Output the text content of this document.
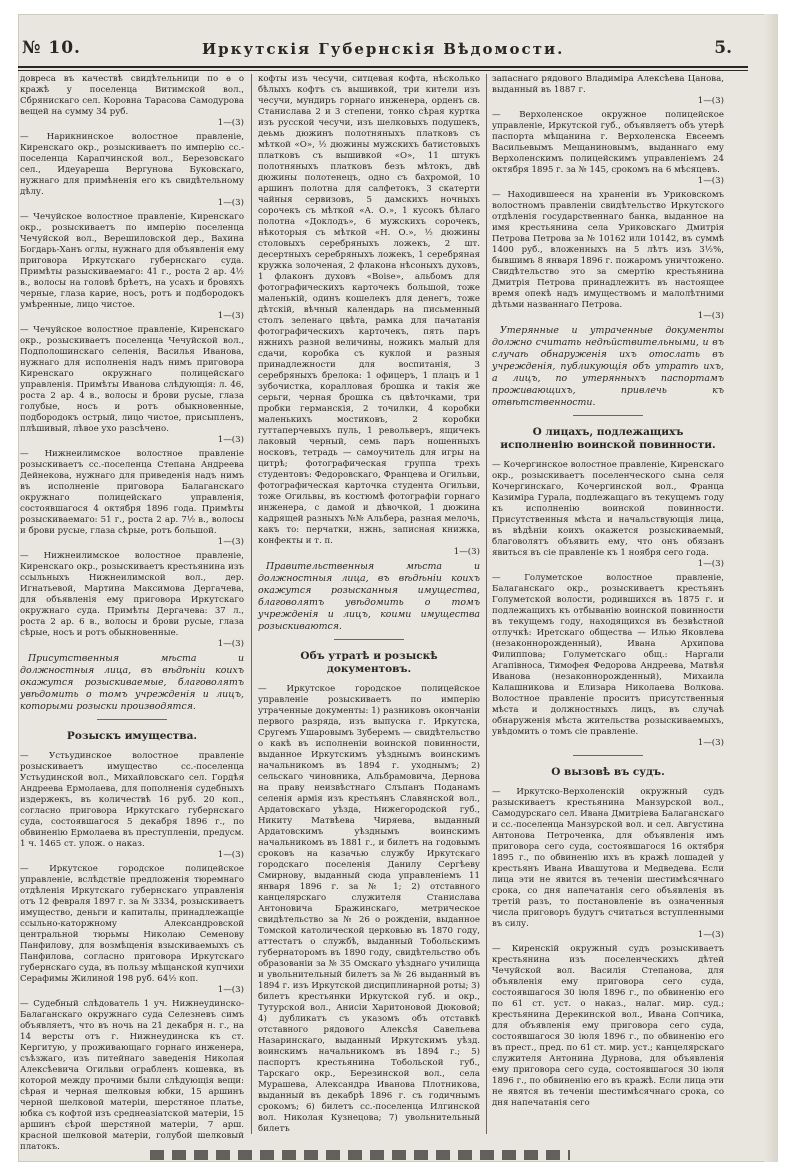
№ 10.	Иркутскія Губернскія Вѣдомости.	5.
довреса въ качествѣ свидѣтельници по ѳ о кражѣ у поселенца Витимской вол., Сбрянискаго сел. Коровна Тарасова Самодурова вещей на сумму 34 руб.
1—(3)
— Нарикнинское волостное правленіе, Киренскаго окр., розыскиваетъ по имперію сс.-поселенца Карапчинской вол., Березовскаго сел., Идеуареша Вергунова Буковскаго, нужнаго для примѣненія его къ свидѣтельному дѣлу.
1—(3)
— Чечуйское волостное правленіе, Киренскаго окр., розыскиваетъ по имперію поселенца Чечуйской вол., Верешиловской дер., Вахина Богдарь-Ханъ оглы, нужнаго для объявленія ему приговора Иркутскаго губернскаго суда. Примѣты разыскиваемаго: 41 г., роста 2 ар. 4½ в., волосы на головѣ брѣетъ, на усахъ и бровяхъ черные, глаза карие, носъ, ротъ и подбородокъ умѣренные, лицо чистое.
1—(3)
— Чечуйское волостное правленіе, Киренскаго окр., розыскиваетъ поселенца Чечуйской вол., Подполошинскаго селенія, Василья Иванова, нужнаго для исполненія надъ нимъ приговора Киренскаго окружнаго полицейскаго управленія. Примѣты Иванова слѣдующія: л. 46, роста 2 ар. 4 в., волосы и брови русые, глаза голубые, носъ и ротъ обыкновенные, подбородокъ острый, лицо чистое, присыпленъ, плѣшивый, лѣвое ухо разсѣчено.
1—(3)
— Нижнеилимское волостное правленіе розыскиваетъ сс.-поселенца Степана Андреева Дейнекова, нужнаго для приведенія надъ нимъ въ исполненіе приговора Балаганскаго окружнаго полицейскаго управленія, состоявшагося 4 октября 1896 года. Примѣты розыскиваемаго: 51 г., роста 2 ар. 7½ в., волосы и брови русые, глаза сѣрые, ротъ большой.
1—(3)
— Нижнеилимское волостное правленіе, Киренскаго окр., розыскиваетъ крестьянина изъ ссыльныхъ Нижнеилимской вол., дер. Игнатьевой, Мартина Максимова Дергачева, для объявленія ему приговора Иркутскаго окружнаго суда. Примѣты Дергачева: 37 л., роста 2 ар. 6 в., волосы и брови русые, глаза сѣрые, носъ и ротъ обыкновенные.
1—(3)
Присутственныя мѣста и должностныя лица, въ вѣдѣніи коихъ окажутся розыскиваемые, благоволятъ увѣдомить о томъ учрежденія и лицъ, которыми розыски производятся.
Розыскъ имущества.
— Устьудинское волостное правленіе розыскиваетъ имущество сс.-поселенца Устьудинской вол., Михайловскаго сел. Гордѣя Андреева Ермолаева, для пополненія судебныхъ издержекъ, въ количествѣ 16 руб. 20 коп., согласно приговора Иркутскаго губернскаго суда, состоявшагося 5 декабря 1896 г., по обвиненію Ермолаева въ преступленіи, предусм. 1 ч. 1465 ст. улож. о наказ.
1—(3)
— Иркутское городское полицейское управленіе, вслѣдствіе предложенія тюремнаго отдѣленія Иркутскаго губернскаго управленія отъ 12 февраля 1897 г. за № 3334, розыскиваетъ имущество, деньги и капиталы, принадлежащіе ссыльно-каторжному Александровской центральной тюрьмы Николаю Семенову Панфилову, для возмѣщенія взыскиваемыхъ съ Панфилова, согласно приговора Иркутскаго губернскаго суда, въ пользу мѣщанской купчихи Серафимы Жилиной 198 руб. 64½ коп.
1—(3)
— Судебный слѣдователь 1 уч. Нижнеудинско-Балаганскаго окружнаго суда Селезневъ симъ объявляетъ, что въ ночь на 21 декабря н. г., на 14 версты отъ г. Нижнеудинска къ ст. Кергитую, у проживающаго горнаго инженера, съѣзжаго, изъ питейнаго заведенія Николая Алексѣевича Огильви ограбленъ кошевка, въ которой между прочими были слѣдующія вещи: сѣрая и черная шелковыя юбки, 15 аршинъ черной шелковой матеріи, шерстяное платье, юбка съ кофтой изъ среднеазіатской матеріи, 15 аршинъ сѣрой шерстяной матеріи, 7 арш. красной шелковой матеріи, голубой шелковый платокъ.
кофты изъ чесучи, ситцевая кофта, нѣсколько бѣлыхъ кофтъ съ вышивкой, три кители изъ чесучи, мундиръ горнаго инженера, орденъ св. Станислава 2 и 3 степени, тонко сѣрая куртка изъ русской чесучи, изъ шелковыхъ подушекъ, деьмь дюжинъ полотняныхъ платковъ съ мѣткой «О», ½ дюжины мужскихъ батистовыхъ платковъ съ вышивкой «О», 11 штукъ полотняныхъ платковъ безъ мѣтокъ, двѣ дюжины полотенецъ, одно съ бахромой, 10 аршинъ полотна для салфетокъ, 3 скатерти чайныя сервизовъ, 5 дамскихъ ночныхъ сорочекъ съ мѣткой «А. О.», 1 кусокъ бѣлаго полотна «Доклодъ», 6 мужскихъ сорочекъ, нѣкоторыя съ мѣткой «Н. О.», ½ дюжины столовыхъ серебряныхъ ложекъ, 2 шт. десертныхъ серебряныхъ ложекъ, 1 серебряная кружка золоченая, 2 флакона нѣсоныхъ духовъ, 1 флаконъ духовъ «Boise», альбомъ для фотографическихъ карточекъ большой, тоже маленькій, одинъ кошелекъ для денегъ, тоже дѣтскій, вѣчный календарь на письменный столъ зеленаго цвѣта, рамка для пачатанія фотографическихъ карточекъ, пять паръ нжнихъ разной величины, ножикъ малый для сдачи, коробка съ куклой и разныя принадлежности для воспитанія, 3 серебряныхъ брелока: 1 офицеръ, 1 плацъ и 1 зубочистка, коралловая брошка и такія же серьги, черная брошка съ цвѣточками, три пробки германскія, 2 точилки, 4 коробки маленькихъ мостиковъ, 2 коробки гуттаперчевыхъ пуль, 1 револьверъ, ящичекъ лаковый черный, семь паръ ношенныхъ носковъ, тетрадь — самоучитель для игры на цитрѣ; фотографическая группа трехъ студентовъ: Федоровскаго, Францева и Огильви, фотографическая карточка студента Огильви, тоже Огильвы, въ костюмѣ фотографіи горнаго инженера, с дамой и дѣвочкой, 1 дюжина кадрящей разныхъ №№ Альбера, разная мелочь, какъ то: перчатки, нжнь, записная книжка, конфекты и т. п.
1—(3)
Правительственныя мѣста и должностныя лица, въ вѣдѣніи коихъ окажутся розысканныя имущества, благоволятъ увѣдомить о томъ учрежденія и лицъ, коими имущества розыскиваются.
Объ утратѣ и розыскѣ документовъ.
— Иркутское городское полицейское управленіе розыскиваетъ по имперію утраченные документы: 1) разниковъ окончаніи первого разряда, изъ выпуска г. Иркутска, Сругемъ Ушаровымъ Зуберемъ — свидѣтельство о какѣ въ исполненіи воинской повинности, выданное Иркутскимъ уѣзднымъ воинскимъ начальникомъ въ 1894 г. уходнымъ; 2) сельскаго чиновника, Альбрамовича, Дернова на праву неизвѣстнаго Слъпанъ Поданамъ селенія армія изъ крестьянъ Славянской вол., Ардатовскаго уѣзда, Нижегородской губ., Никиту Матвѣева Чиряева, выданный Ардатовскимъ уѣзднымъ воинскимъ начальникомъ въ 1881 г., и билетъ на годовымъ сроковъ на казачью службу Иркутскаго городскаго поселенія Данилу Сергѣеву Смирнову, выданный сюда управленіемъ 11 января 1896 г. за № 1; 2) отставного канцелярскаго служителя Станислава Антоновича Бражинскаго, метрическое свидѣтельство за № 26 о рожденіи, выданное Томской католической церковью въ 1870 году, аттестатъ о службѣ, выданный Тобольскимъ губернаторомъ въ 1890 году, свидѣтельство объ образованіи за № 35 Омскаго уѣзднаго училища и увольнительный билетъ за № 26 выданный въ 1894 г. изъ Иркутской дисциплинарной роты; 3) билетъ крестьянки Иркутской губ. и окр., Тутурской вол., Анисіи Харитоновой Дюковой; 4) дубликатъ съ указомъ объ отставкѣ отставного рядового Алексѣя Савельева Назаринскаго, выданный Иркутскимъ уѣзд. воинскимъ начальникомъ въ 1894 г.; 5) паспортъ крестьянина Тобольской губ., Тарскаго окр., Березинской вол., села Мурашева, Александра Иванова Плотникова, выданный въ декабрѣ 1896 г. съ годичнымъ срокомъ; 6) билетъ сс.-поселенца Илгинской вол. Николая Кузнецова; 7) увольнительный билетъ
запаснаго рядового Владиміра Алексѣева Цанова, выданный въ 1887 г.
1—(3)
— Верхоленское окружное полицейское управленіе, Иркутской губ., объявляетъ объ утерѣ паспорта мѣщанина г. Верхоленска Евсеемъ Васильевымъ Мещаниновымъ, выданнаго ему Верхоленскимъ полицейскимъ управленіемъ 24 октября 1895 г. за № 145, срокомъ на 6 мѣсяцевъ.
1—(3)
— Находившееся на храненіи въ Уриковскомъ волостномъ правленіи свидѣтельство Иркутского отдѣленія государственнаго банка, выданное на имя крестьянина села Уриковскаго Дмитрія Петрова Петрова за № 10162 или 10142, въ суммѣ 1400 руб., вложенныхъ на 5 лѣтъ изъ 3½%, бывшимъ 8 января 1896 г. пожаромъ уничтожено. Свидѣтельство это за смертію крестьянина Дмитрія Петрова принадлежитъ въ настоящее время опекѣ надъ имуществомъ и малолѣтними дѣтьми названнаго Петрова.
1—(3)
Утерянные и утраченные документы должно считать недѣйствительными, и въ случаѣ обнаруженія ихъ отослать въ учрежденія, публикующія объ утратѣ ихъ, а лицъ, по утерянныхъ паспортамъ проживающихъ, привлечь къ отвѣтственности.
О лицахъ, подлежащихъ исполненію воинской повинности.
— Кочергинское волостное правленіе, Киренскаго окр., розыскиваетъ поселенческого сына селя Кочергинскаго, Кочергинской вол., Франца Казиміра Гурала, подлежащаго въ текущемъ году къ исполненію воинской повинности. Присутственныя мѣста и начальствующія лица, въ вѣдѣніи коихъ окажется розыскиваемый, благоволятъ объявить ему, что онъ обязанъ явиться въ сіе правленіе къ 1 ноября сего года.
1—(3)
— Голуметское волостное правленіе, Балаганскаго окр., розыскиваетъ крестьянъ Голуметской волости, родившихся въ 1875 г. и подлежащихъ къ отбыванію воинской повинности въ текущемъ году, находящихся въ безвѣстной отлучкѣ: Иретскаго общества — Илью Яковлева (незаконнорожденный), Ивана Архипова Филиппова; Голуметскаго общ.: Наргали Агапівноса, Тимофея Федорова Андреева, Матвѣя Иванова (незаконнорожденный), Михаила Калашникова и Елизара Николаева Волкова. Волостное правленіе проситъ присутственныя мѣста и должностныхъ лицъ, въ случаѣ обнаруженія мѣста жительства розыскиваемыхъ, увѣдомить о томъ сіе правленіе.
1—(3)
О вызовѣ въ судъ.
— Иркутско-Верхоленскій окружный судъ разыскиваетъ крестьянина Манзурской вол., Самодурскаго сел. Ивана Дмитріева Балаганскаго и сс.-поселенца Манзурской вол. и сел. Августина Антонова Петроченка, для объявленія имъ приговора сего суда, состоявшагося 16 октября 1895 г., по обвиненію ихъ въ кражѣ лошадей у крестьянъ Ивана Ивашутова и Медведева. Если лица эти не явится въ теченіи шестимѣсячнаго срока, со дня напечатанія сего объявленія въ третій разъ, то постановленіе въ означенныя числа приговоръ будутъ считаться вступленными въ силу.
1—(3)
— Киренскій окружный судъ розыскиваетъ крестьянина изъ поселенческихъ дѣтей Чечуйской вол. Василія Степанова, для объявленія ему приговора сего суда, состоявшагося 30 іюля 1896 г., по обвиненію его по 61 ст. уст. о наказ., налаг. мир. суд.; крестьянина Дерекинской вол., Ивана Сопчика, для объявленія ему приговора сего суда, состоявшагося 30 іюля 1896 г., по обвиненію его въ прест., пред. по 61 ст. мир. уст.; канцелярскаго служителя Антонина Дурнова, для объявленія ему приговора сего суда, состоявшагося 30 іюля 1896 г., по обвиненію его въ кражѣ. Если лица эти не явятся въ теченіи шестимѣсячнаго срока, со дня напечатанія сего
